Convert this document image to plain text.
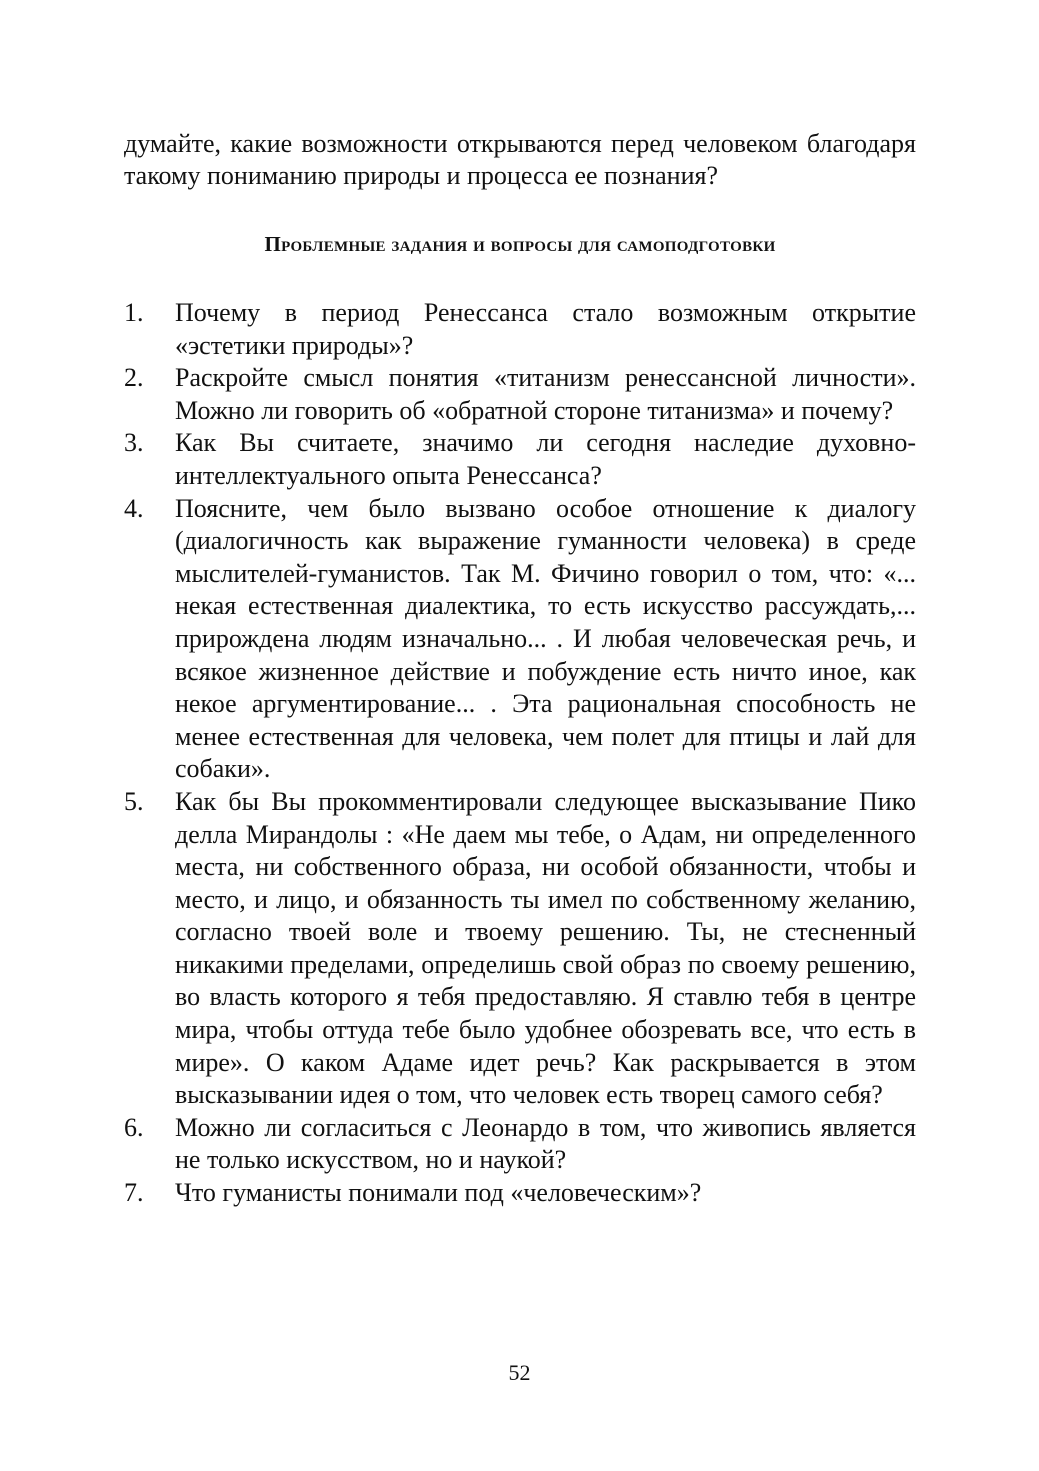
думайте, какие возможности открываются перед человеком благодаря такому пониманию природы и процесса ее познания?
Проблемные задания и вопросы для самоподготовки
1. Почему в период Ренессанса стало возможным открытие «эстетики природы»?
2. Раскройте смысл понятия «титанизм ренессансной личности». Можно ли говорить об «обратной стороне титанизма» и почему?
3. Как Вы считаете, значимо ли сегодня наследие духовно-интеллектуального опыта Ренессанса?
4. Поясните, чем было вызвано особое отношение к диалогу (диалогичность как выражение гуманности человека) в среде мыслителей-гуманистов. Так М. Фичино говорил о том, что: «... некая естественная диалектика, то есть искусство рассуждать,... прирождена людям изначально... . И любая человеческая речь, и всякое жизненное действие и побуждение есть ничто иное, как некое аргументирование... . Эта рациональная способность не менее естественная для человека, чем полет для птицы и лай для собаки».
5. Как бы Вы прокомментировали следующее высказывание Пико делла Мирандолы : «Не даем мы тебе, о Адам, ни определенного места, ни собственного образа, ни особой обязанности, чтобы и место, и лицо, и обязанность ты имел по собственному желанию, согласно твоей воле и твоему решению. Ты, не стесненный никакими пределами, определишь свой образ по своему решению, во власть которого я тебя предоставляю. Я ставлю тебя в центре мира, чтобы оттуда тебе было удобнее обозревать все, что есть в мире». О каком Адаме идет речь? Как раскрывается в этом высказывании идея о том, что человек есть творец самого себя?
6. Можно ли согласиться с Леонардо в том, что живопись является не только искусством, но и наукой?
7. Что гуманисты понимали под «человеческим»?
52
